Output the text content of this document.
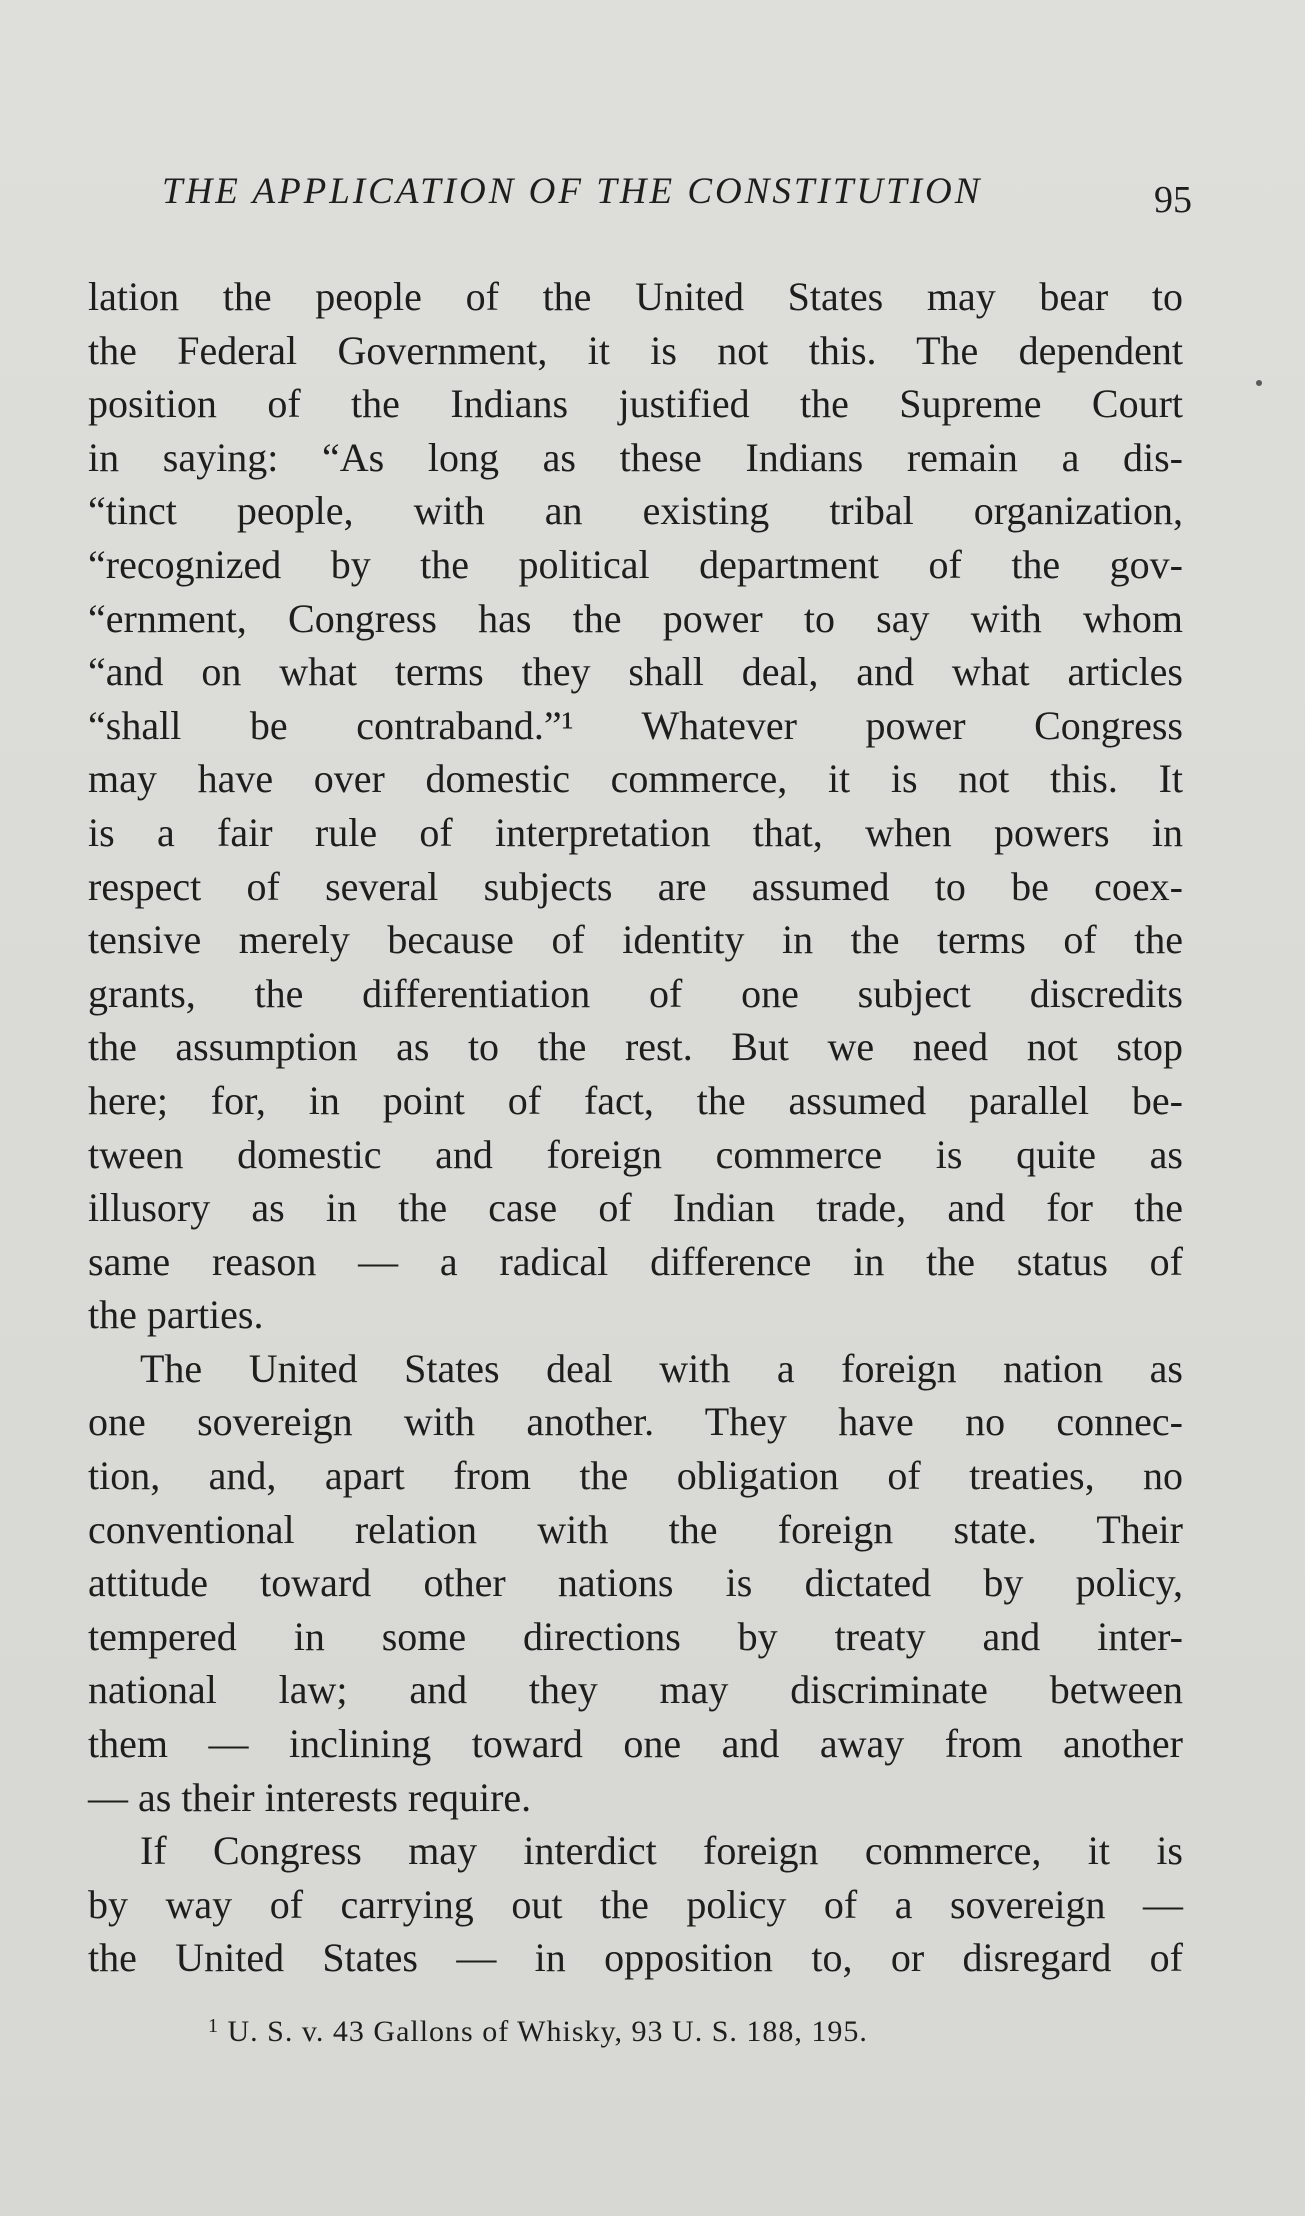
THE APPLICATION OF THE CONSTITUTION	95
lation the people of the United States may bear to
the Federal Government, it is not this. The dependent
position of the Indians justified the Supreme Court
in saying: “As long as these Indians remain a dis-
“tinct people, with an existing tribal organization,
“recognized by the political department of the gov-
“ernment, Congress has the power to say with whom
“and on what terms they shall deal, and what articles
“shall be contraband.”¹ Whatever power Congress
may have over domestic commerce, it is not this. It
is a fair rule of interpretation that, when powers in
respect of several subjects are assumed to be coex-
tensive merely because of identity in the terms of the
grants, the differentiation of one subject discredits
the assumption as to the rest. But we need not stop
here; for, in point of fact, the assumed parallel be-
tween domestic and foreign commerce is quite as
illusory as in the case of Indian trade, and for the
same reason — a radical difference in the status of
the parties.
The United States deal with a foreign nation as
one sovereign with another. They have no connec-
tion, and, apart from the obligation of treaties, no
conventional relation with the foreign state. Their
attitude toward other nations is dictated by policy,
tempered in some directions by treaty and inter-
national law; and they may discriminate between
them — inclining toward one and away from another
— as their interests require.
If Congress may interdict foreign commerce, it is
by way of carrying out the policy of a sovereign —
the United States — in opposition to, or disregard of
$^1$ U. S. v. 43 Gallons of Whisky, 93 U. S. 188, 195.
